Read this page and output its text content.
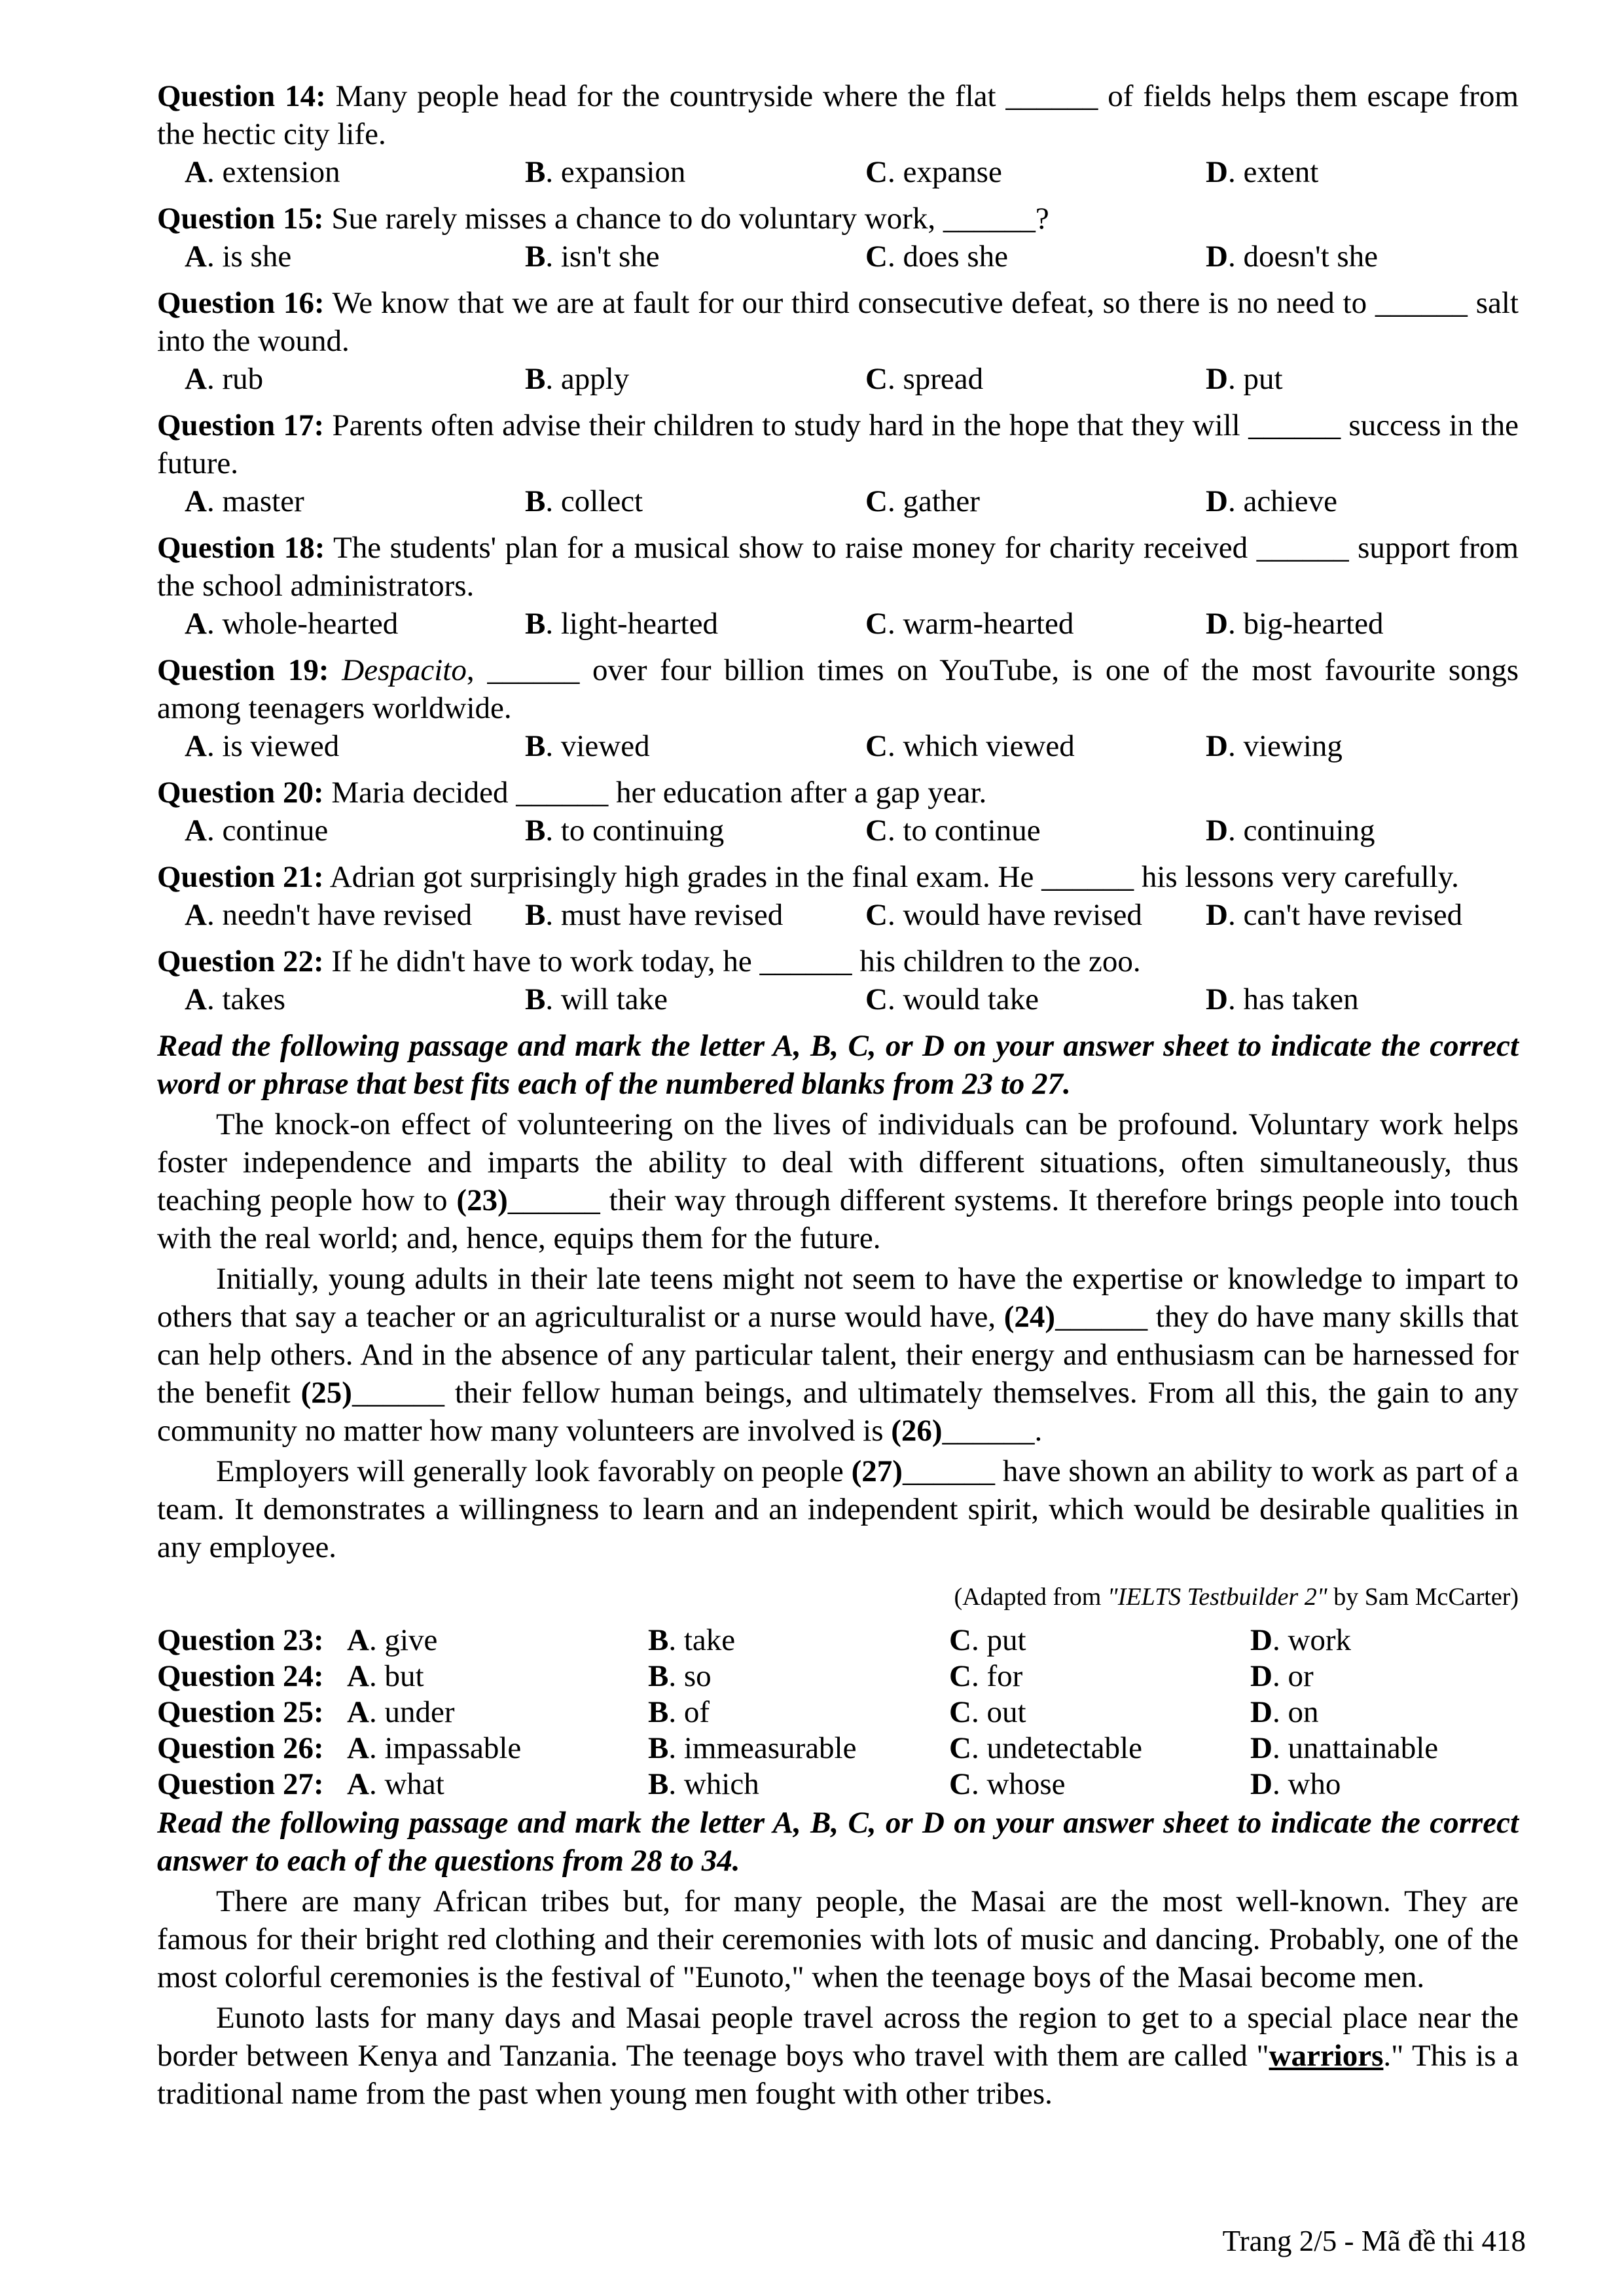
Question 14: Many people head for the countryside where the flat ______ of fields helps them escape from the hectic city life.
A. extension	B. expansion	C. expanse	D. extent
Question 15: Sue rarely misses a chance to do voluntary work, ______?
A. is she	B. isn't she	C. does she	D. doesn't she
Question 16: We know that we are at fault for our third consecutive defeat, so there is no need to ______ salt into the wound.
A. rub	B. apply	C. spread	D. put
Question 17: Parents often advise their children to study hard in the hope that they will ______ success in the future.
A. master	B. collect	C. gather	D. achieve
Question 18: The students' plan for a musical show to raise money for charity received ______ support from the school administrators.
A. whole-hearted	B. light-hearted	C. warm-hearted	D. big-hearted
Question 19: Despacito, ______ over four billion times on YouTube, is one of the most favourite songs among teenagers worldwide.
A. is viewed	B. viewed	C. which viewed	D. viewing
Question 20: Maria decided ______ her education after a gap year.
A. continue	B. to continuing	C. to continue	D. continuing
Question 21: Adrian got surprisingly high grades in the final exam. He ______ his lessons very carefully.
A. needn't have revised	B. must have revised	C. would have revised	D. can't have revised
Question 22: If he didn't have to work today, he ______ his children to the zoo.
A. takes	B. will take	C. would take	D. has taken
Read the following passage and mark the letter A, B, C, or D on your answer sheet to indicate the correct word or phrase that best fits each of the numbered blanks from 23 to 27.

The knock-on effect of volunteering on the lives of individuals can be profound. Voluntary work helps foster independence and imparts the ability to deal with different situations, often simultaneously, thus teaching people how to (23)______ their way through different systems. It therefore brings people into touch with the real world; and, hence, equips them for the future.

Initially, young adults in their late teens might not seem to have the expertise or knowledge to impart to others that say a teacher or an agriculturalist or a nurse would have, (24)______ they do have many skills that can help others. And in the absence of any particular talent, their energy and enthusiasm can be harnessed for the benefit (25)______ their fellow human beings, and ultimately themselves. From all this, the gain to any community no matter how many volunteers are involved is (26)______.

Employers will generally look favorably on people (27)______ have shown an ability to work as part of a team. It demonstrates a willingness to learn and an independent spirit, which would be desirable qualities in any employee.

(Adapted from "IELTS Testbuilder 2" by Sam McCarter)
Question 23: A. give	B. take	C. put	D. work
Question 24: A. but	B. so	C. for	D. or
Question 25: A. under	B. of	C. out	D. on
Question 26: A. impassable	B. immeasurable	C. undetectable	D. unattainable
Question 27: A. what	B. which	C. whose	D. who
Read the following passage and mark the letter A, B, C, or D on your answer sheet to indicate the correct answer to each of the questions from 28 to 34.

There are many African tribes but, for many people, the Masai are the most well-known. They are famous for their bright red clothing and their ceremonies with lots of music and dancing. Probably, one of the most colorful ceremonies is the festival of "Eunoto," when the teenage boys of the Masai become men.

Eunoto lasts for many days and Masai people travel across the region to get to a special place near the border between Kenya and Tanzania. The teenage boys who travel with them are called "warriors." This is a traditional name from the past when young men fought with other tribes.

Trang 2/5 - Mã đề thi 418
